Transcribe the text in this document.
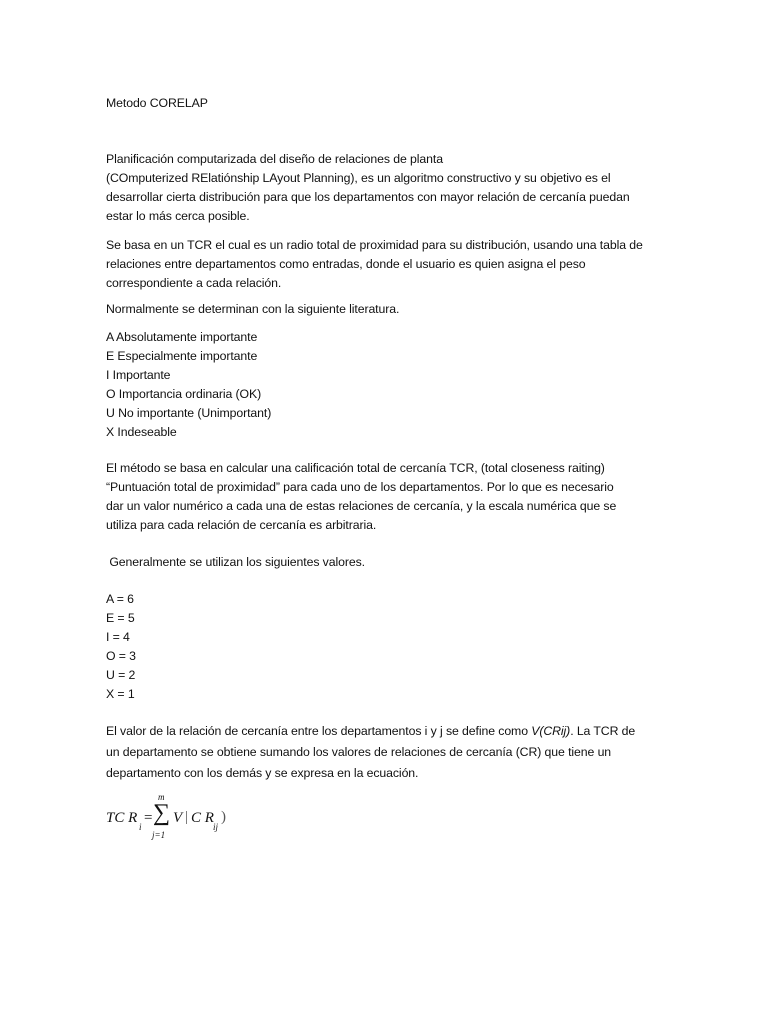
Metodo CORELAP
Planificación computarizada del diseño de relaciones de planta
(COmputerized RElatiónship LAyout Planning), es un algoritmo constructivo y su objetivo es el
desarrollar cierta distribución para que los departamentos con mayor relación de cercanía puedan
estar lo más cerca posible.
Se basa en un TCR el cual es un radio total de proximidad para su distribución, usando una tabla de
relaciones entre departamentos como entradas, donde el usuario es quien asigna el peso
correspondiente a cada relación.
Normalmente se determinan con la siguiente literatura.
A Absolutamente importante
E Especialmente importante
I Importante
O Importancia ordinaria (OK)
U No importante (Unimportant)
X Indeseable
El método se basa en calcular una calificación total de cercanía TCR, (total closeness raiting)
“Puntuación total de proximidad” para cada uno de los departamentos. Por lo que es necesario
dar un valor numérico a cada una de estas relaciones de cercanía, y la escala numérica que se
utiliza para cada relación de cercanía es arbitraria.
Generalmente se utilizan los siguientes valores.
A = 6
E = 5
I = 4
O = 3
U = 2
X = 1
El valor de la relación de cercanía entre los departamentos i y j se define como V(CRij). La TCR de
un departamento se obtiene sumando los valores de relaciones de cercanía (CR) que tiene un
departamento con los demás y se expresa en la ecuación.
TC R
i
=
m
∑
j=1
V | C R
ij
)
